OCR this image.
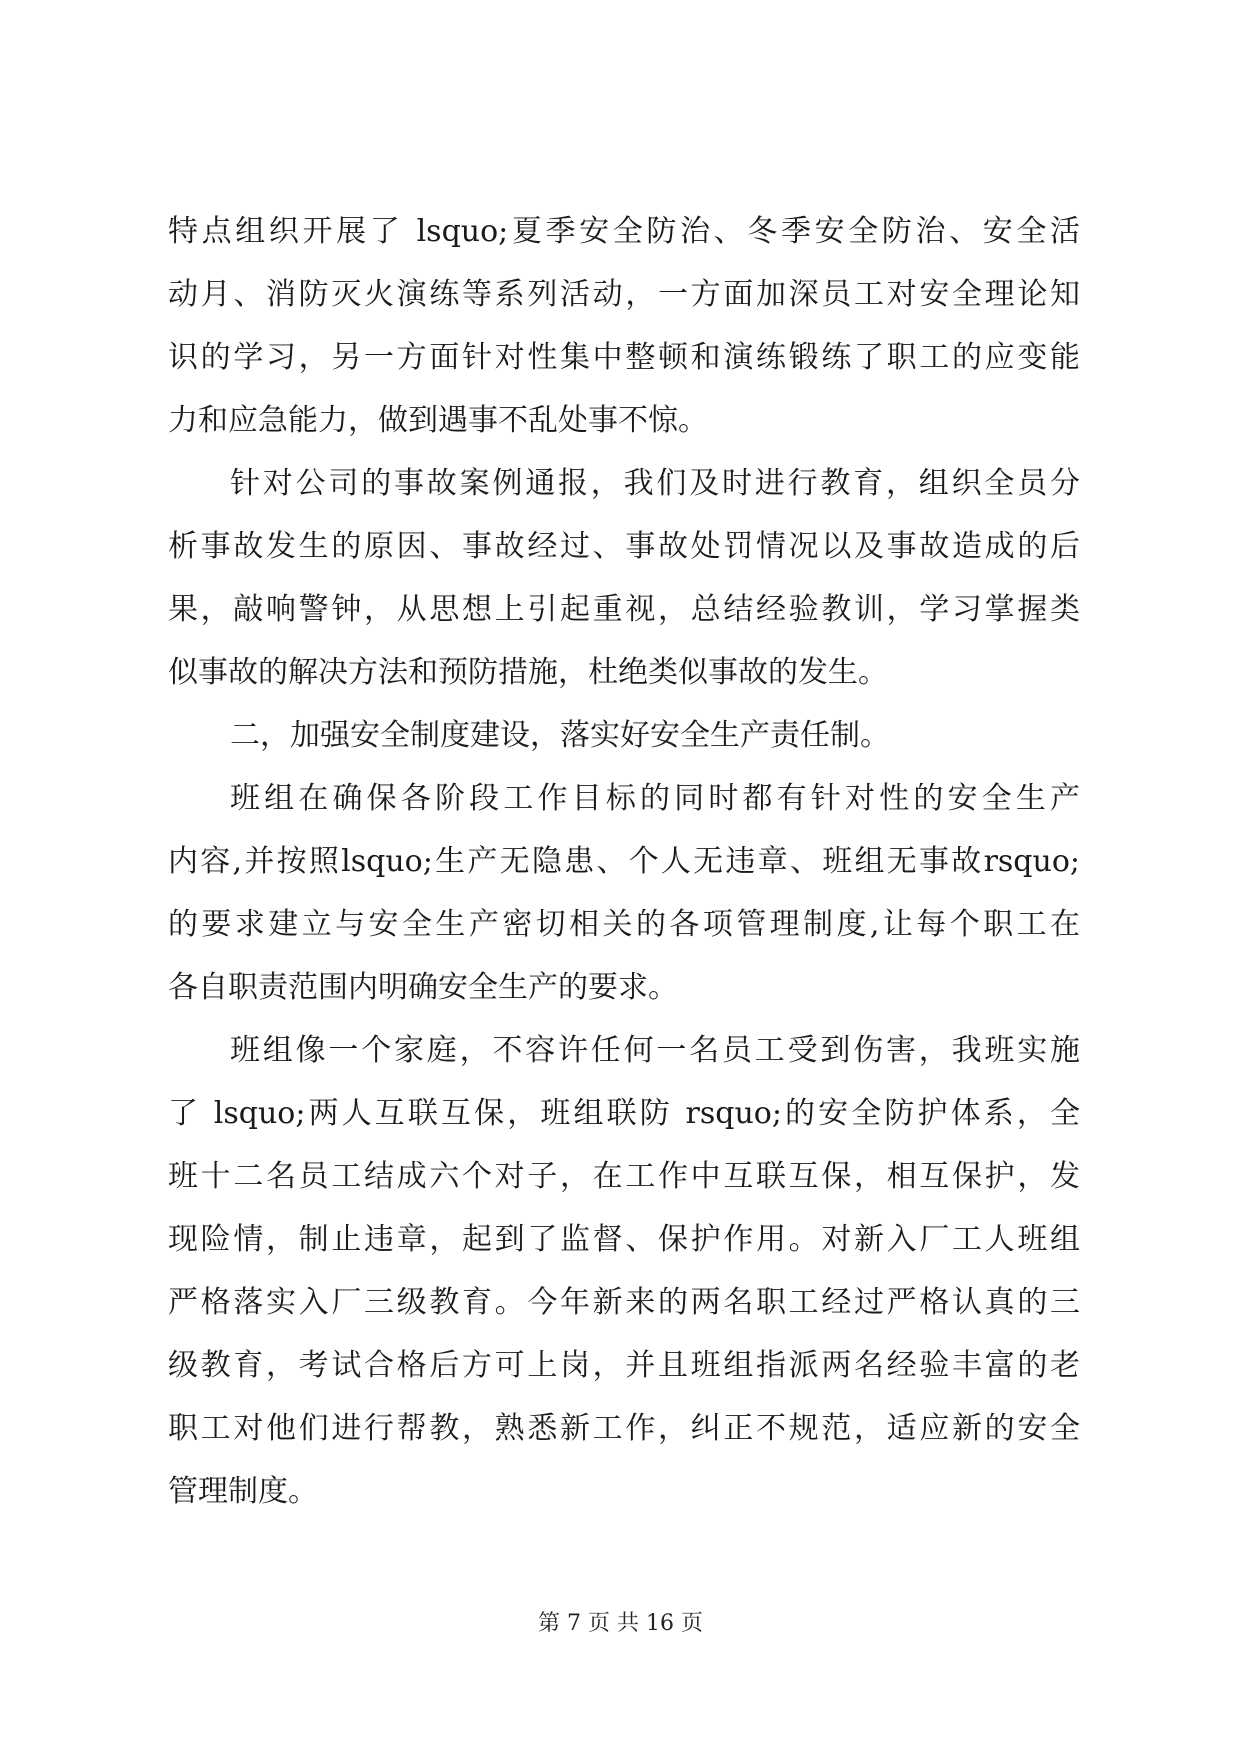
特点组织开展了 lsquo;夏季安全防治、冬季安全防治、安全活
动月、消防灭火演练等系列活动，一方面加深员工对安全理论知
识的学习，另一方面针对性集中整顿和演练锻练了职工的应变能
力和应急能力，做到遇事不乱处事不惊。
针对公司的事故案例通报，我们及时进行教育，组织全员分
析事故发生的原因、事故经过、事故处罚情况以及事故造成的后
果，敲响警钟，从思想上引起重视，总结经验教训，学习掌握类
似事故的解决方法和预防措施，杜绝类似事故的发生。
二，加强安全制度建设，落实好安全生产责任制。
班组在确保各阶段工作目标的同时都有针对性的安全生产
内容,并按照lsquo;生产无隐患、个人无违章、班组无事故rsquo;
的要求建立与安全生产密切相关的各项管理制度,让每个职工在
各自职责范围内明确安全生产的要求。
班组像一个家庭，不容许任何一名员工受到伤害，我班实施
了 lsquo;两人互联互保，班组联防 rsquo;的安全防护体系，全
班十二名员工结成六个对子，在工作中互联互保，相互保护，发
现险情，制止违章，起到了监督、保护作用。对新入厂工人班组
严格落实入厂三级教育。今年新来的两名职工经过严格认真的三
级教育，考试合格后方可上岗，并且班组指派两名经验丰富的老
职工对他们进行帮教，熟悉新工作，纠正不规范，适应新的安全
管理制度。
第 7 页 共 16 页
